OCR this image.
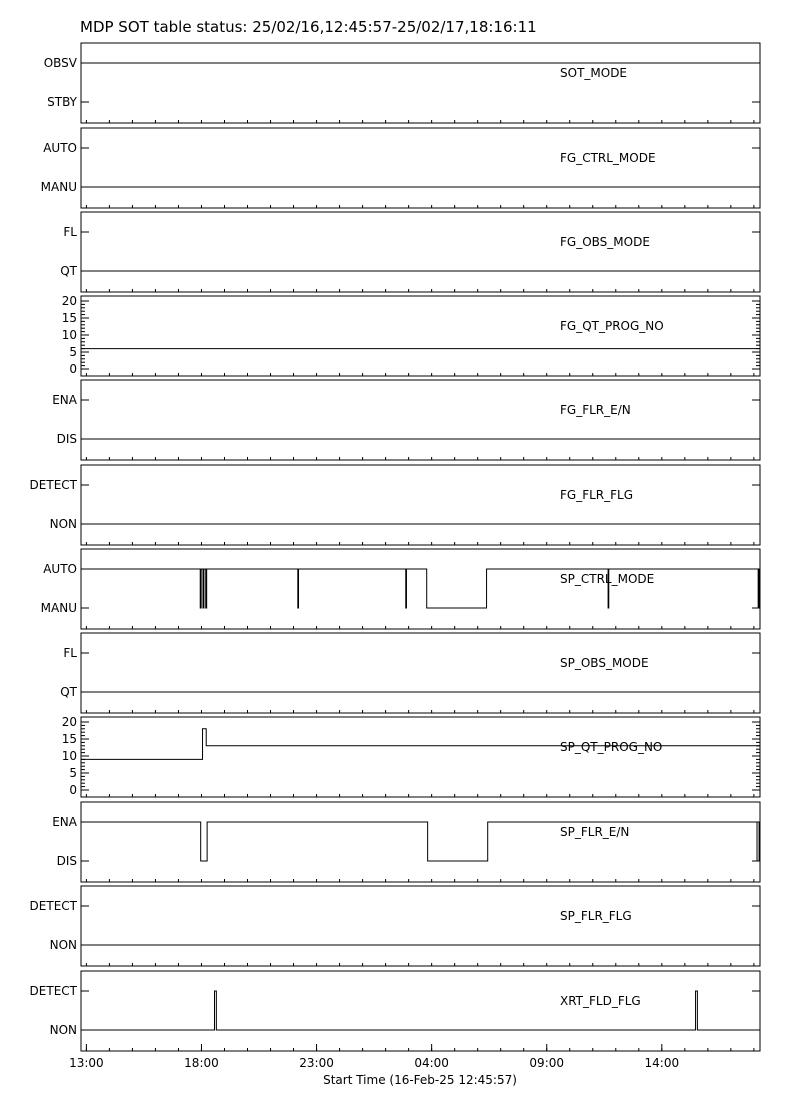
MDP SOT table status: 25/02/16,12:45:57-25/02/17,18:16:11
OBSV
STBY
SOT_MODE
AUTO
MANU
FG_CTRL_MODE
FL
QT
FG_OBS_MODE
0
5
10
15
20
FG_QT_PROG_NO
ENA
DIS
FG_FLR_E/N
DETECT
NON
FG_FLR_FLG
AUTO
MANU
SP_CTRL_MODE
FL
QT
SP_OBS_MODE
0
5
10
15
20
SP_QT_PROG_NO
ENA
DIS
SP_FLR_E/N
DETECT
NON
SP_FLR_FLG
DETECT
NON
XRT_FLD_FLG
13:00	18:00	23:00	04:00	09:00	14:00
Start Time (16-Feb-25 12:45:57)
